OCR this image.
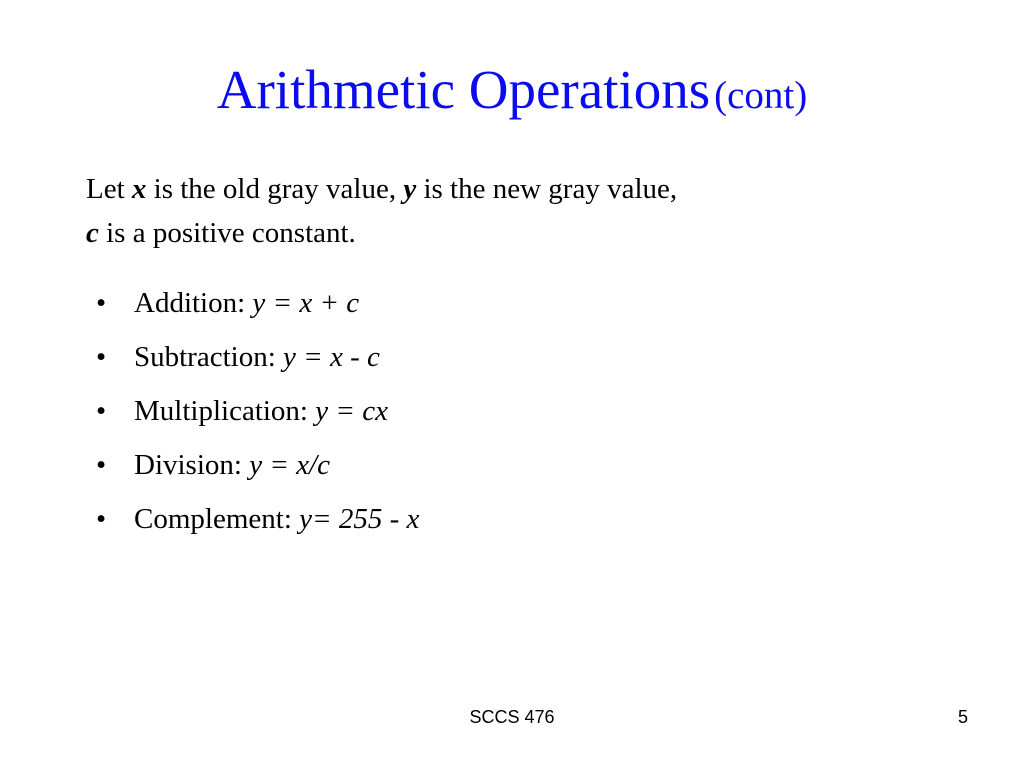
Arithmetic Operations (cont)
Let x is the old gray value, y is the new gray value,
c is a positive constant.
• Addition: y = x + c
• Subtraction: y = x - c
• Multiplication: y = cx
• Division: y = x/c
• Complement: y= 255 - x
SCCS 476	5
